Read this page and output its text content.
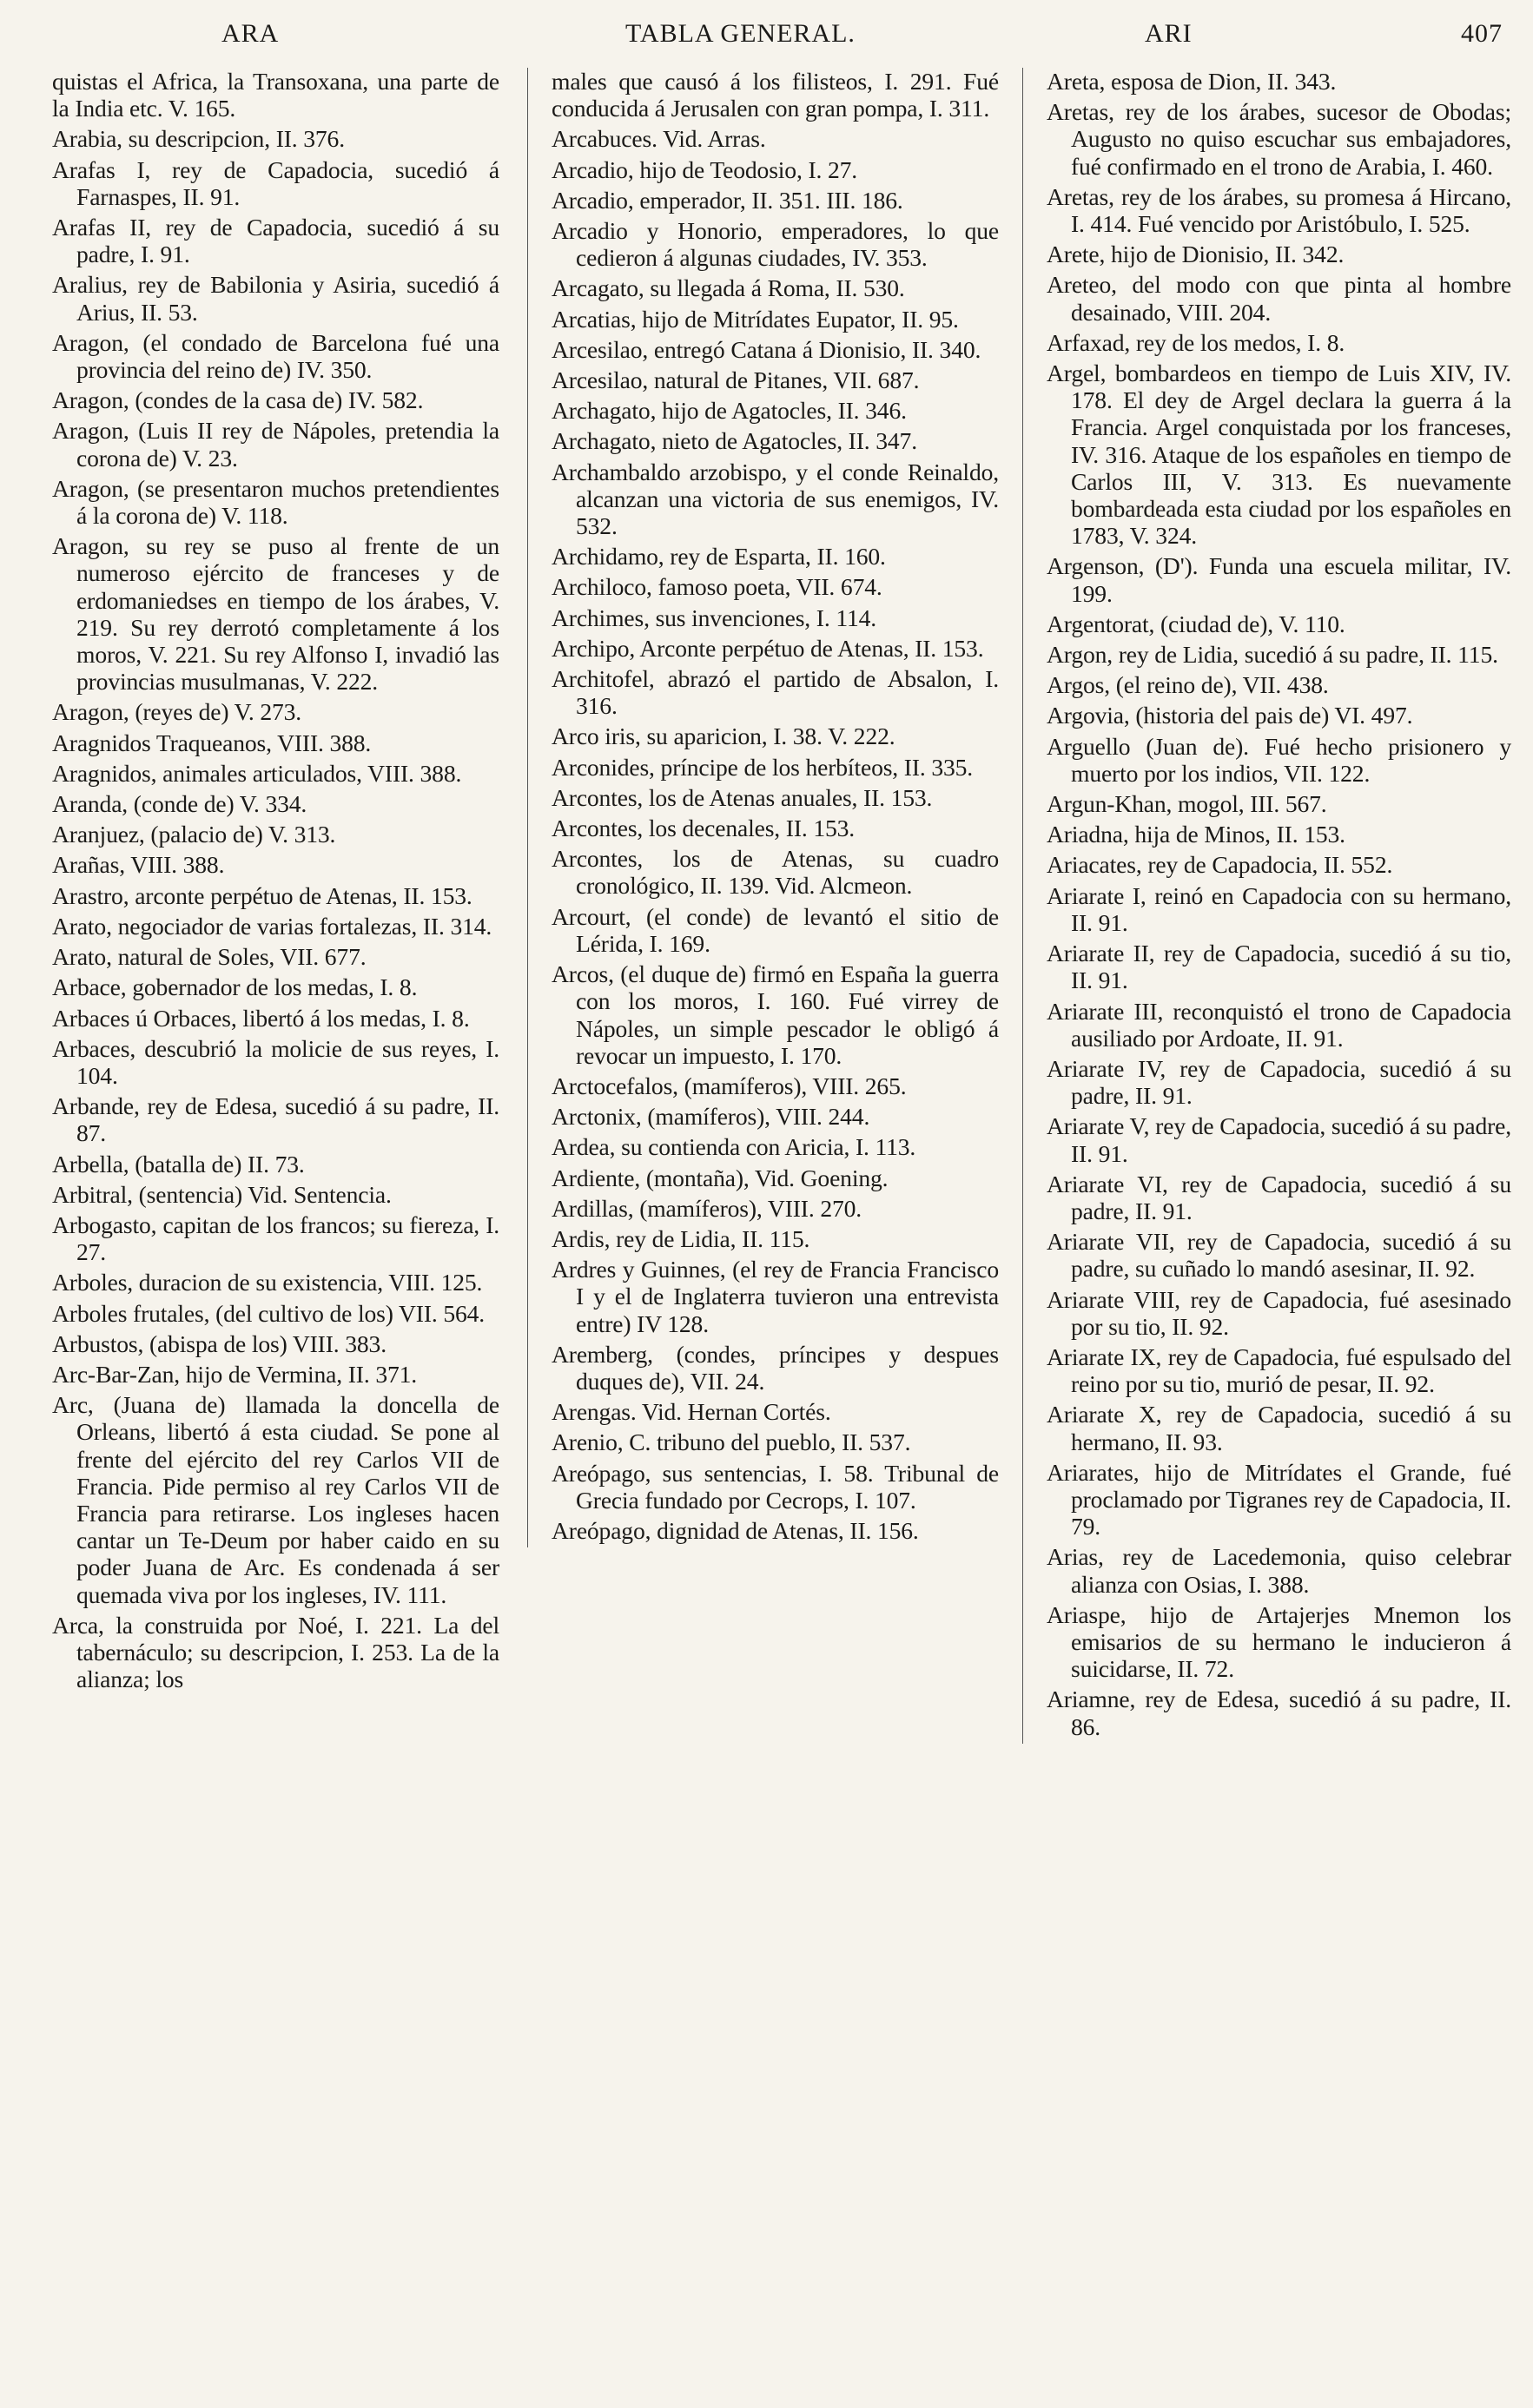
ARA	TABLA GENERAL.	ARI	407

quistas el Africa, la Transoxana, una parte de la India etc. V. 165.

Arabia, su descripcion, II. 376.

Arafas I, rey de Capadocia, sucedió á Farnaspes, II. 91.

Arafas II, rey de Capadocia, sucedió á su padre, I. 91.

Aralius, rey de Babilonia y Asiria, sucedió á Arius, II. 53.

Aragon, (el condado de Barcelona fué una provincia del reino de) IV. 350.

Aragon, (condes de la casa de) IV. 582.

Aragon, (Luis II rey de Nápoles, pretendia la corona de) V. 23.

Aragon, (se presentaron muchos pretendientes á la corona de) V. 118.

Aragon, su rey se puso al frente de un numeroso ejército de franceses y de erdomaniedses en tiempo de los árabes, V. 219. Su rey derrotó completamente á los moros, V. 221. Su rey Alfonso I, invadió las provincias musulmanas, V. 222.

Aragon, (reyes de) V. 273.

Aragnidos Traqueanos, VIII. 388.

Aragnidos, animales articulados, VIII. 388.

Aranda, (conde de) V. 334.

Aranjuez, (palacio de) V. 313.

Arañas, VIII. 388.

Arastro, arconte perpétuo de Atenas, II. 153.

Arato, negociador de varias fortalezas, II. 314.

Arato, natural de Soles, VII. 677.

Arbace, gobernador de los medas, I. 8.

Arbaces ú Orbaces, libertó á los medas, I. 8.

Arbaces, descubrió la molicie de sus reyes, I. 104.

Arbande, rey de Edesa, sucedió á su padre, II. 87.

Arbella, (batalla de) II. 73.

Arbitral, (sentencia) Vid. Sentencia.

Arbogasto, capitan de los francos; su fiereza, I. 27.

Arboles, duracion de su existencia, VIII. 125.

Arboles frutales, (del cultivo de los) VII. 564.

Arbustos, (abispa de los) VIII. 383.

Arc-Bar-Zan, hijo de Vermina, II. 371.

Arc, (Juana de) llamada la doncella de Orleans, libertó á esta ciudad. Se pone al frente del ejército del rey Carlos VII de Francia. Pide permiso al rey Carlos VII de Francia para retirarse. Los ingleses hacen cantar un Te-Deum por haber caido en su poder Juana de Arc. Es condenada á ser quemada viva por los ingleses, IV. 111.

Arca, la construida por Noé, I. 221. La del tabernáculo; su descripcion, I. 253. La de la alianza; los

males que causó á los filisteos, I. 291. Fué conducida á Jerusalen con gran pompa, I. 311.

Arcabuces. Vid. Arras.

Arcadio, hijo de Teodosio, I. 27.

Arcadio, emperador, II. 351. III. 186.

Arcadio y Honorio, emperadores, lo que cedieron á algunas ciudades, IV. 353.

Arcagato, su llegada á Roma, II. 530.

Arcatias, hijo de Mitrídates Eupator, II. 95.

Arcesilao, entregó Catana á Dionisio, II. 340.

Arcesilao, natural de Pitanes, VII. 687.

Archagato, hijo de Agatocles, II. 346.

Archagato, nieto de Agatocles, II. 347.

Archambaldo arzobispo, y el conde Reinaldo, alcanzan una victoria de sus enemigos, IV. 532.

Archidamo, rey de Esparta, II. 160.

Archiloco, famoso poeta, VII. 674.

Archimes, sus invenciones, I. 114.

Archipo, Arconte perpétuo de Atenas, II. 153.

Architofel, abrazó el partido de Absalon, I. 316.

Arco iris, su aparicion, I. 38. V. 222.

Arconides, príncipe de los herbíteos, II. 335.

Arcontes, los de Atenas anuales, II. 153.

Arcontes, los decenales, II. 153.

Arcontes, los de Atenas, su cuadro cronológico, II. 139. Vid. Alcmeon.

Arcourt, (el conde) de levantó el sitio de Lérida, I. 169.

Arcos, (el duque de) firmó en España la guerra con los moros, I. 160. Fué virrey de Nápoles, un simple pescador le obligó á revocar un impuesto, I. 170.

Arctocefalos, (mamíferos), VIII. 265.

Arctonix, (mamíferos), VIII. 244.

Ardea, su contienda con Aricia, I. 113.

Ardiente, (montaña), Vid. Goening.

Ardillas, (mamíferos), VIII. 270.

Ardis, rey de Lidia, II. 115.

Ardres y Guinnes, (el rey de Francia Francisco I y el de Inglaterra tuvieron una entrevista entre) IV 128.

Aremberg, (condes, príncipes y despues duques de), VII. 24.

Arengas. Vid. Hernan Cortés.

Arenio, C. tribuno del pueblo, II. 537.

Areópago, sus sentencias, I. 58. Tribunal de Grecia fundado por Cecrops, I. 107.

Areópago, dignidad de Atenas, II. 156.

Areta, esposa de Dion, II. 343.

Aretas, rey de los árabes, sucesor de Obodas; Augusto no quiso escuchar sus embajadores, fué confirmado en el trono de Arabia, I. 460.

Aretas, rey de los árabes, su promesa á Hircano, I. 414. Fué vencido por Aristóbulo, I. 525.

Arete, hijo de Dionisio, II. 342.

Areteo, del modo con que pinta al hombre desainado, VIII. 204.

Arfaxad, rey de los medos, I. 8.

Argel, bombardeos en tiempo de Luis XIV, IV. 178. El dey de Argel declara la guerra á la Francia. Argel conquistada por los franceses, IV. 316. Ataque de los españoles en tiempo de Carlos III, V. 313. Es nuevamente bombardeada esta ciudad por los españoles en 1783, V. 324.

Argenson, (D'). Funda una escuela militar, IV. 199.

Argentorat, (ciudad de), V. 110.

Argon, rey de Lidia, sucedió á su padre, II. 115.

Argos, (el reino de), VII. 438.

Argovia, (historia del pais de) VI. 497.

Arguello (Juan de). Fué hecho prisionero y muerto por los indios, VII. 122.

Argun-Khan, mogol, III. 567.

Ariadna, hija de Minos, II. 153.

Ariacates, rey de Capadocia, II. 552.

Ariarate I, reinó en Capadocia con su hermano, II. 91.

Ariarate II, rey de Capadocia, sucedió á su tio, II. 91.

Ariarate III, reconquistó el trono de Capadocia ausiliado por Ardoate, II. 91.

Ariarate IV, rey de Capadocia, sucedió á su padre, II. 91.

Ariarate V, rey de Capadocia, sucedió á su padre, II. 91.

Ariarate VI, rey de Capadocia, sucedió á su padre, II. 91.

Ariarate VII, rey de Capadocia, sucedió á su padre, su cuñado lo mandó asesinar, II. 92.

Ariarate VIII, rey de Capadocia, fué asesinado por su tio, II. 92.

Ariarate IX, rey de Capadocia, fué espulsado del reino por su tio, murió de pesar, II. 92.

Ariarate X, rey de Capadocia, sucedió á su hermano, II. 93.

Ariarates, hijo de Mitrídates el Grande, fué proclamado por Tigranes rey de Capadocia, II. 79.

Arias, rey de Lacedemonia, quiso celebrar alianza con Osias, I. 388.

Ariaspe, hijo de Artajerjes Mnemon los emisarios de su hermano le inducieron á suicidarse, II. 72.

Ariamne, rey de Edesa, sucedió á su padre, II. 86.
